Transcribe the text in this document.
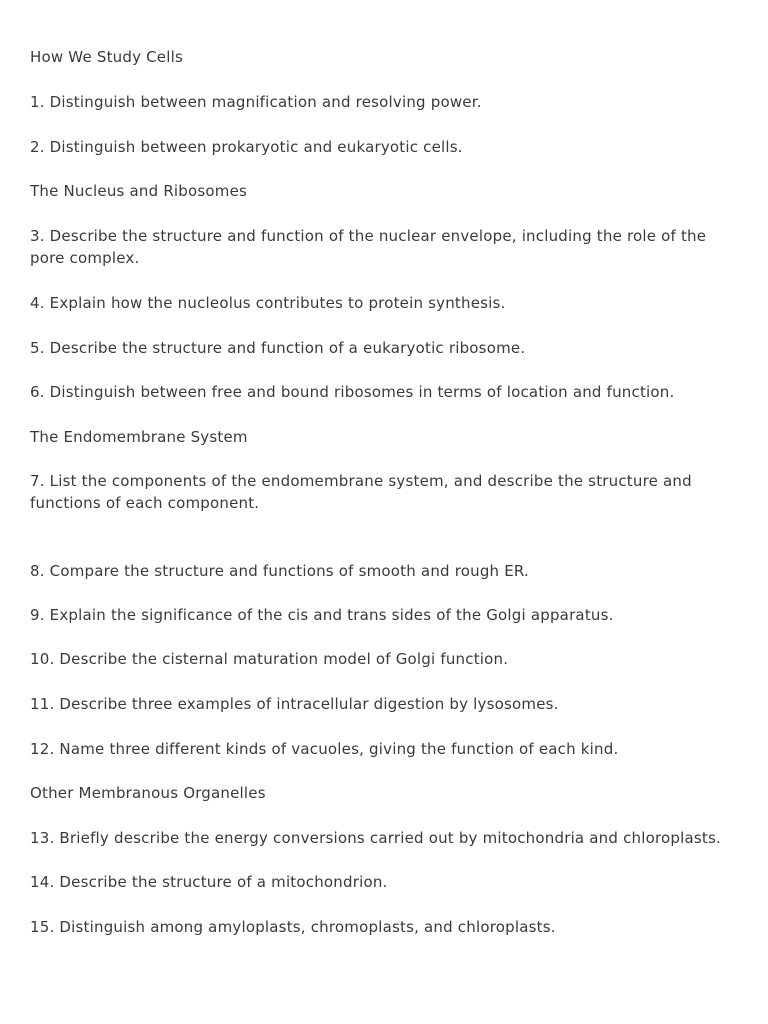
How We Study Cells

1. Distinguish between magnification and resolving power.

2. Distinguish between prokaryotic and eukaryotic cells.

The Nucleus and Ribosomes

3. Describe the structure and function of the nuclear envelope, including the role of the pore complex.

4. Explain how the nucleolus contributes to protein synthesis.

5. Describe the structure and function of a eukaryotic ribosome.

6. Distinguish between free and bound ribosomes in terms of location and function.

The Endomembrane System

7. List the components of the endomembrane system, and describe the structure and functions of each component.

8. Compare the structure and functions of smooth and rough ER.

9. Explain the significance of the cis and trans sides of the Golgi apparatus.

10. Describe the cisternal maturation model of Golgi function.

11. Describe three examples of intracellular digestion by lysosomes.

12. Name three different kinds of vacuoles, giving the function of each kind.

Other Membranous Organelles

13. Briefly describe the energy conversions carried out by mitochondria and chloroplasts.

14. Describe the structure of a mitochondrion.

15. Distinguish among amyloplasts, chromoplasts, and chloroplasts.
